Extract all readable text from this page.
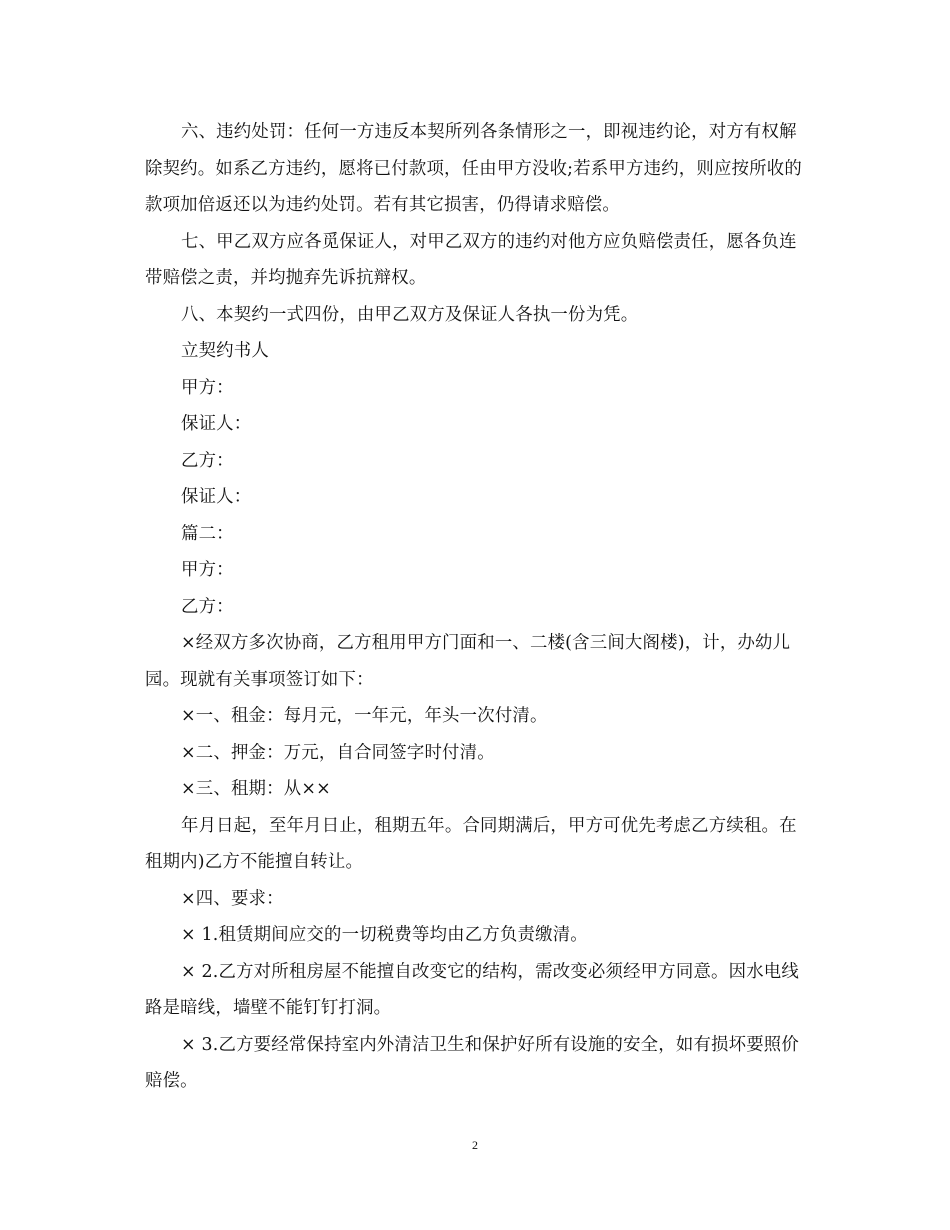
六、违约处罚：任何一方违反本契所列各条情形之一，即视违约论，对方有权解除契约。如系乙方违约，愿将已付款项，任由甲方没收;若系甲方违约，则应按所收的款项加倍返还以为违约处罚。若有其它损害，仍得请求赔偿。

七、甲乙双方应各觅保证人，对甲乙双方的违约对他方应负赔偿责任，愿各负连带赔偿之责，并均抛弃先诉抗辩权。

八、本契约一式四份，由甲乙双方及保证人各执一份为凭。

立契约书人

甲方：

保证人：

乙方：

保证人：

篇二：

甲方：

乙方：

×经双方多次协商，乙方租用甲方门面和一、二楼(含三间大阁楼)，计，办幼儿园。现就有关事项签订如下：

×一、租金：每月元，一年元，年头一次付清。

×二、押金：万元，自合同签字时付清。

×三、租期：从××

年月日起，至年月日止，租期五年。合同期满后，甲方可优先考虑乙方续租。在租期内)乙方不能擅自转让。

×四、要求：

× 1.租赁期间应交的一切税费等均由乙方负责缴清。

× 2.乙方对所租房屋不能擅自改变它的结构，需改变必须经甲方同意。因水电线路是暗线，墙壁不能钉钉打洞。

× 3.乙方要经常保持室内外清洁卫生和保护好所有设施的安全，如有损坏要照价赔偿。

2
